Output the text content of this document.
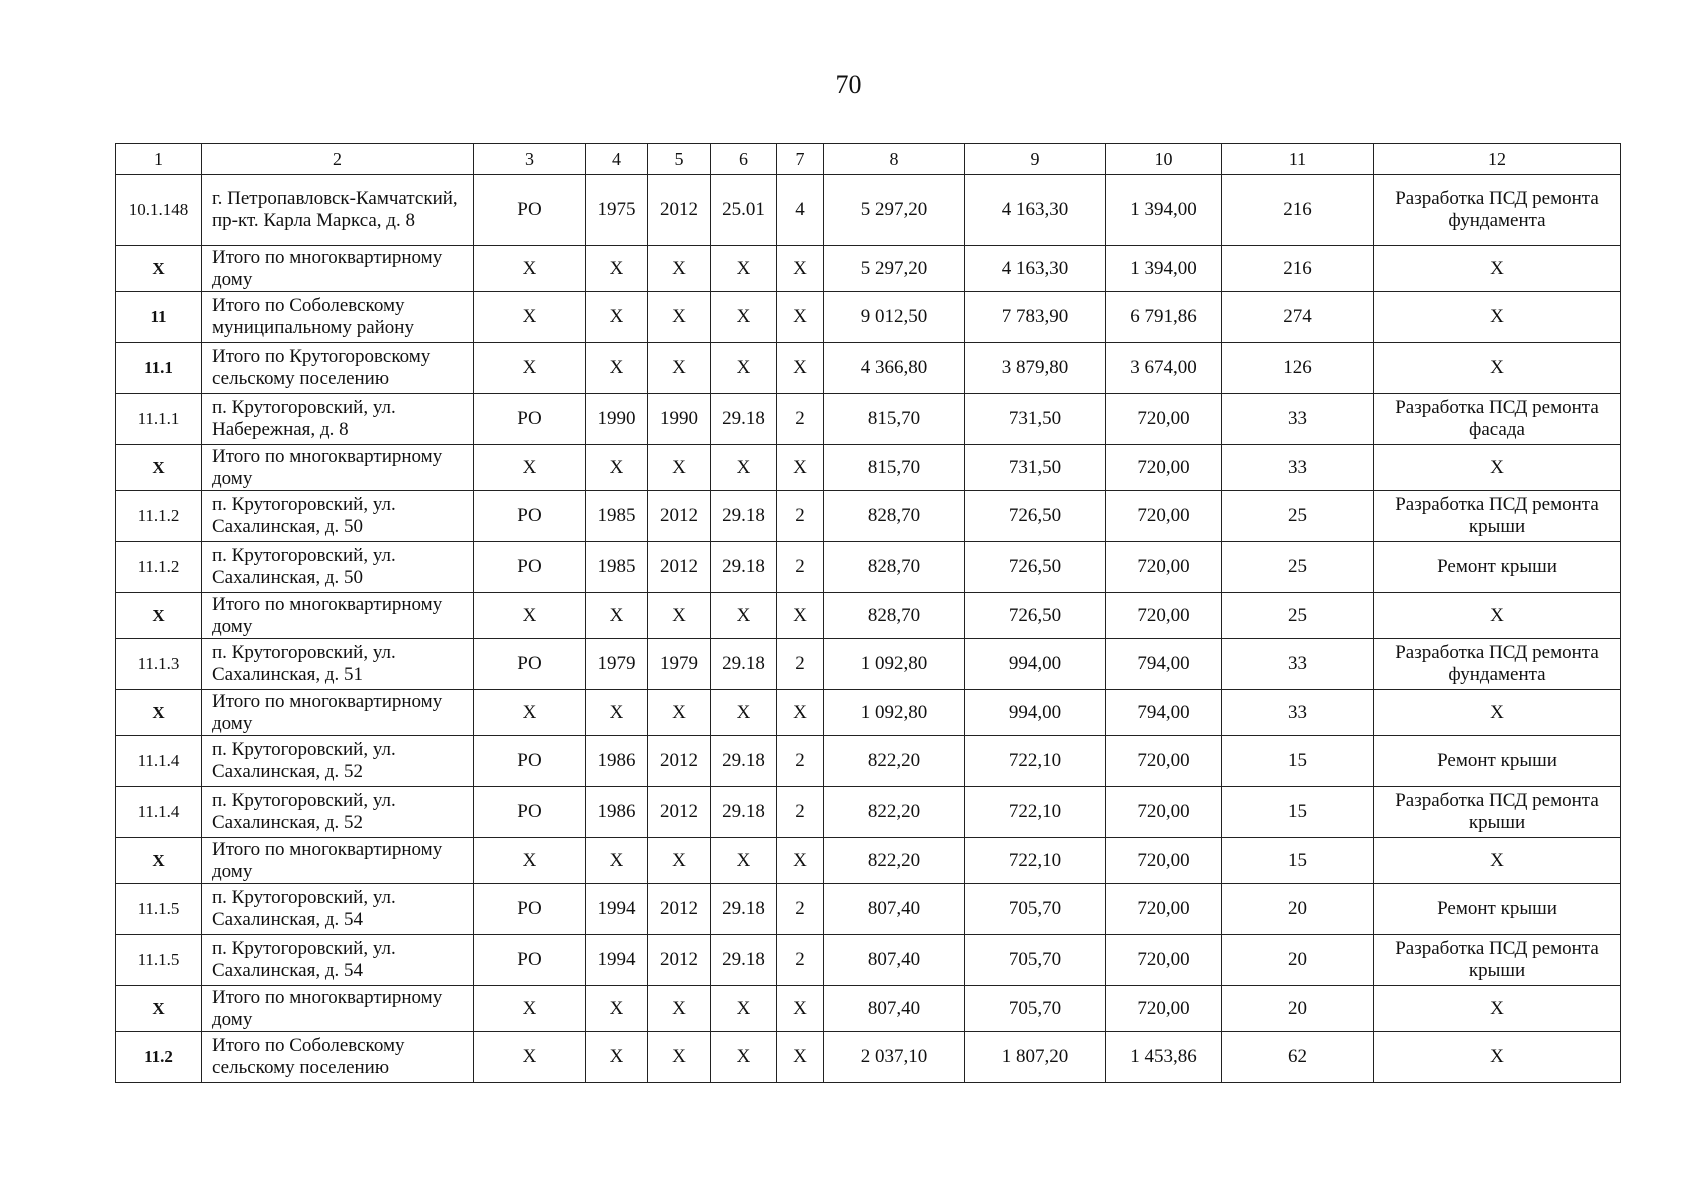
70
1	2	3	4	5	6	7	8	9	10	11	12
10.1.148	г. Петропавловск-Камчатский, пр-кт. Карла Маркса, д. 8	РО	1975	2012	25.01	4	5 297,20	4 163,30	1 394,00	216	Разработка ПСД ремонта фундамента
Х	Итого по многоквартирному дому	Х	Х	Х	Х	Х	5 297,20	4 163,30	1 394,00	216	Х
11	Итого по Соболевскому муниципальному району	Х	Х	Х	Х	Х	9 012,50	7 783,90	6 791,86	274	Х
11.1	Итого по Крутогоровскому сельскому поселению	Х	Х	Х	Х	Х	4 366,80	3 879,80	3 674,00	126	Х
11.1.1	п. Крутогоровский, ул. Набережная, д. 8	РО	1990	1990	29.18	2	815,70	731,50	720,00	33	Разработка ПСД ремонта фасада
Х	Итого по многоквартирному дому	Х	Х	Х	Х	Х	815,70	731,50	720,00	33	Х
11.1.2	п. Крутогоровский, ул. Сахалинская, д. 50	РО	1985	2012	29.18	2	828,70	726,50	720,00	25	Разработка ПСД ремонта крыши
11.1.2	п. Крутогоровский, ул. Сахалинская, д. 50	РО	1985	2012	29.18	2	828,70	726,50	720,00	25	Ремонт крыши
Х	Итого по многоквартирному дому	Х	Х	Х	Х	Х	828,70	726,50	720,00	25	Х
11.1.3	п. Крутогоровский, ул. Сахалинская, д. 51	РО	1979	1979	29.18	2	1 092,80	994,00	794,00	33	Разработка ПСД ремонта фундамента
Х	Итого по многоквартирному дому	Х	Х	Х	Х	Х	1 092,80	994,00	794,00	33	Х
11.1.4	п. Крутогоровский, ул. Сахалинская, д. 52	РО	1986	2012	29.18	2	822,20	722,10	720,00	15	Ремонт крыши
11.1.4	п. Крутогоровский, ул. Сахалинская, д. 52	РО	1986	2012	29.18	2	822,20	722,10	720,00	15	Разработка ПСД ремонта крыши
Х	Итого по многоквартирному дому	Х	Х	Х	Х	Х	822,20	722,10	720,00	15	Х
11.1.5	п. Крутогоровский, ул. Сахалинская, д. 54	РО	1994	2012	29.18	2	807,40	705,70	720,00	20	Ремонт крыши
11.1.5	п. Крутогоровский, ул. Сахалинская, д. 54	РО	1994	2012	29.18	2	807,40	705,70	720,00	20	Разработка ПСД ремонта крыши
Х	Итого по многоквартирному дому	Х	Х	Х	Х	Х	807,40	705,70	720,00	20	Х
11.2	Итого по Соболевскому сельскому поселению	Х	Х	Х	Х	Х	2 037,10	1 807,20	1 453,86	62	Х
